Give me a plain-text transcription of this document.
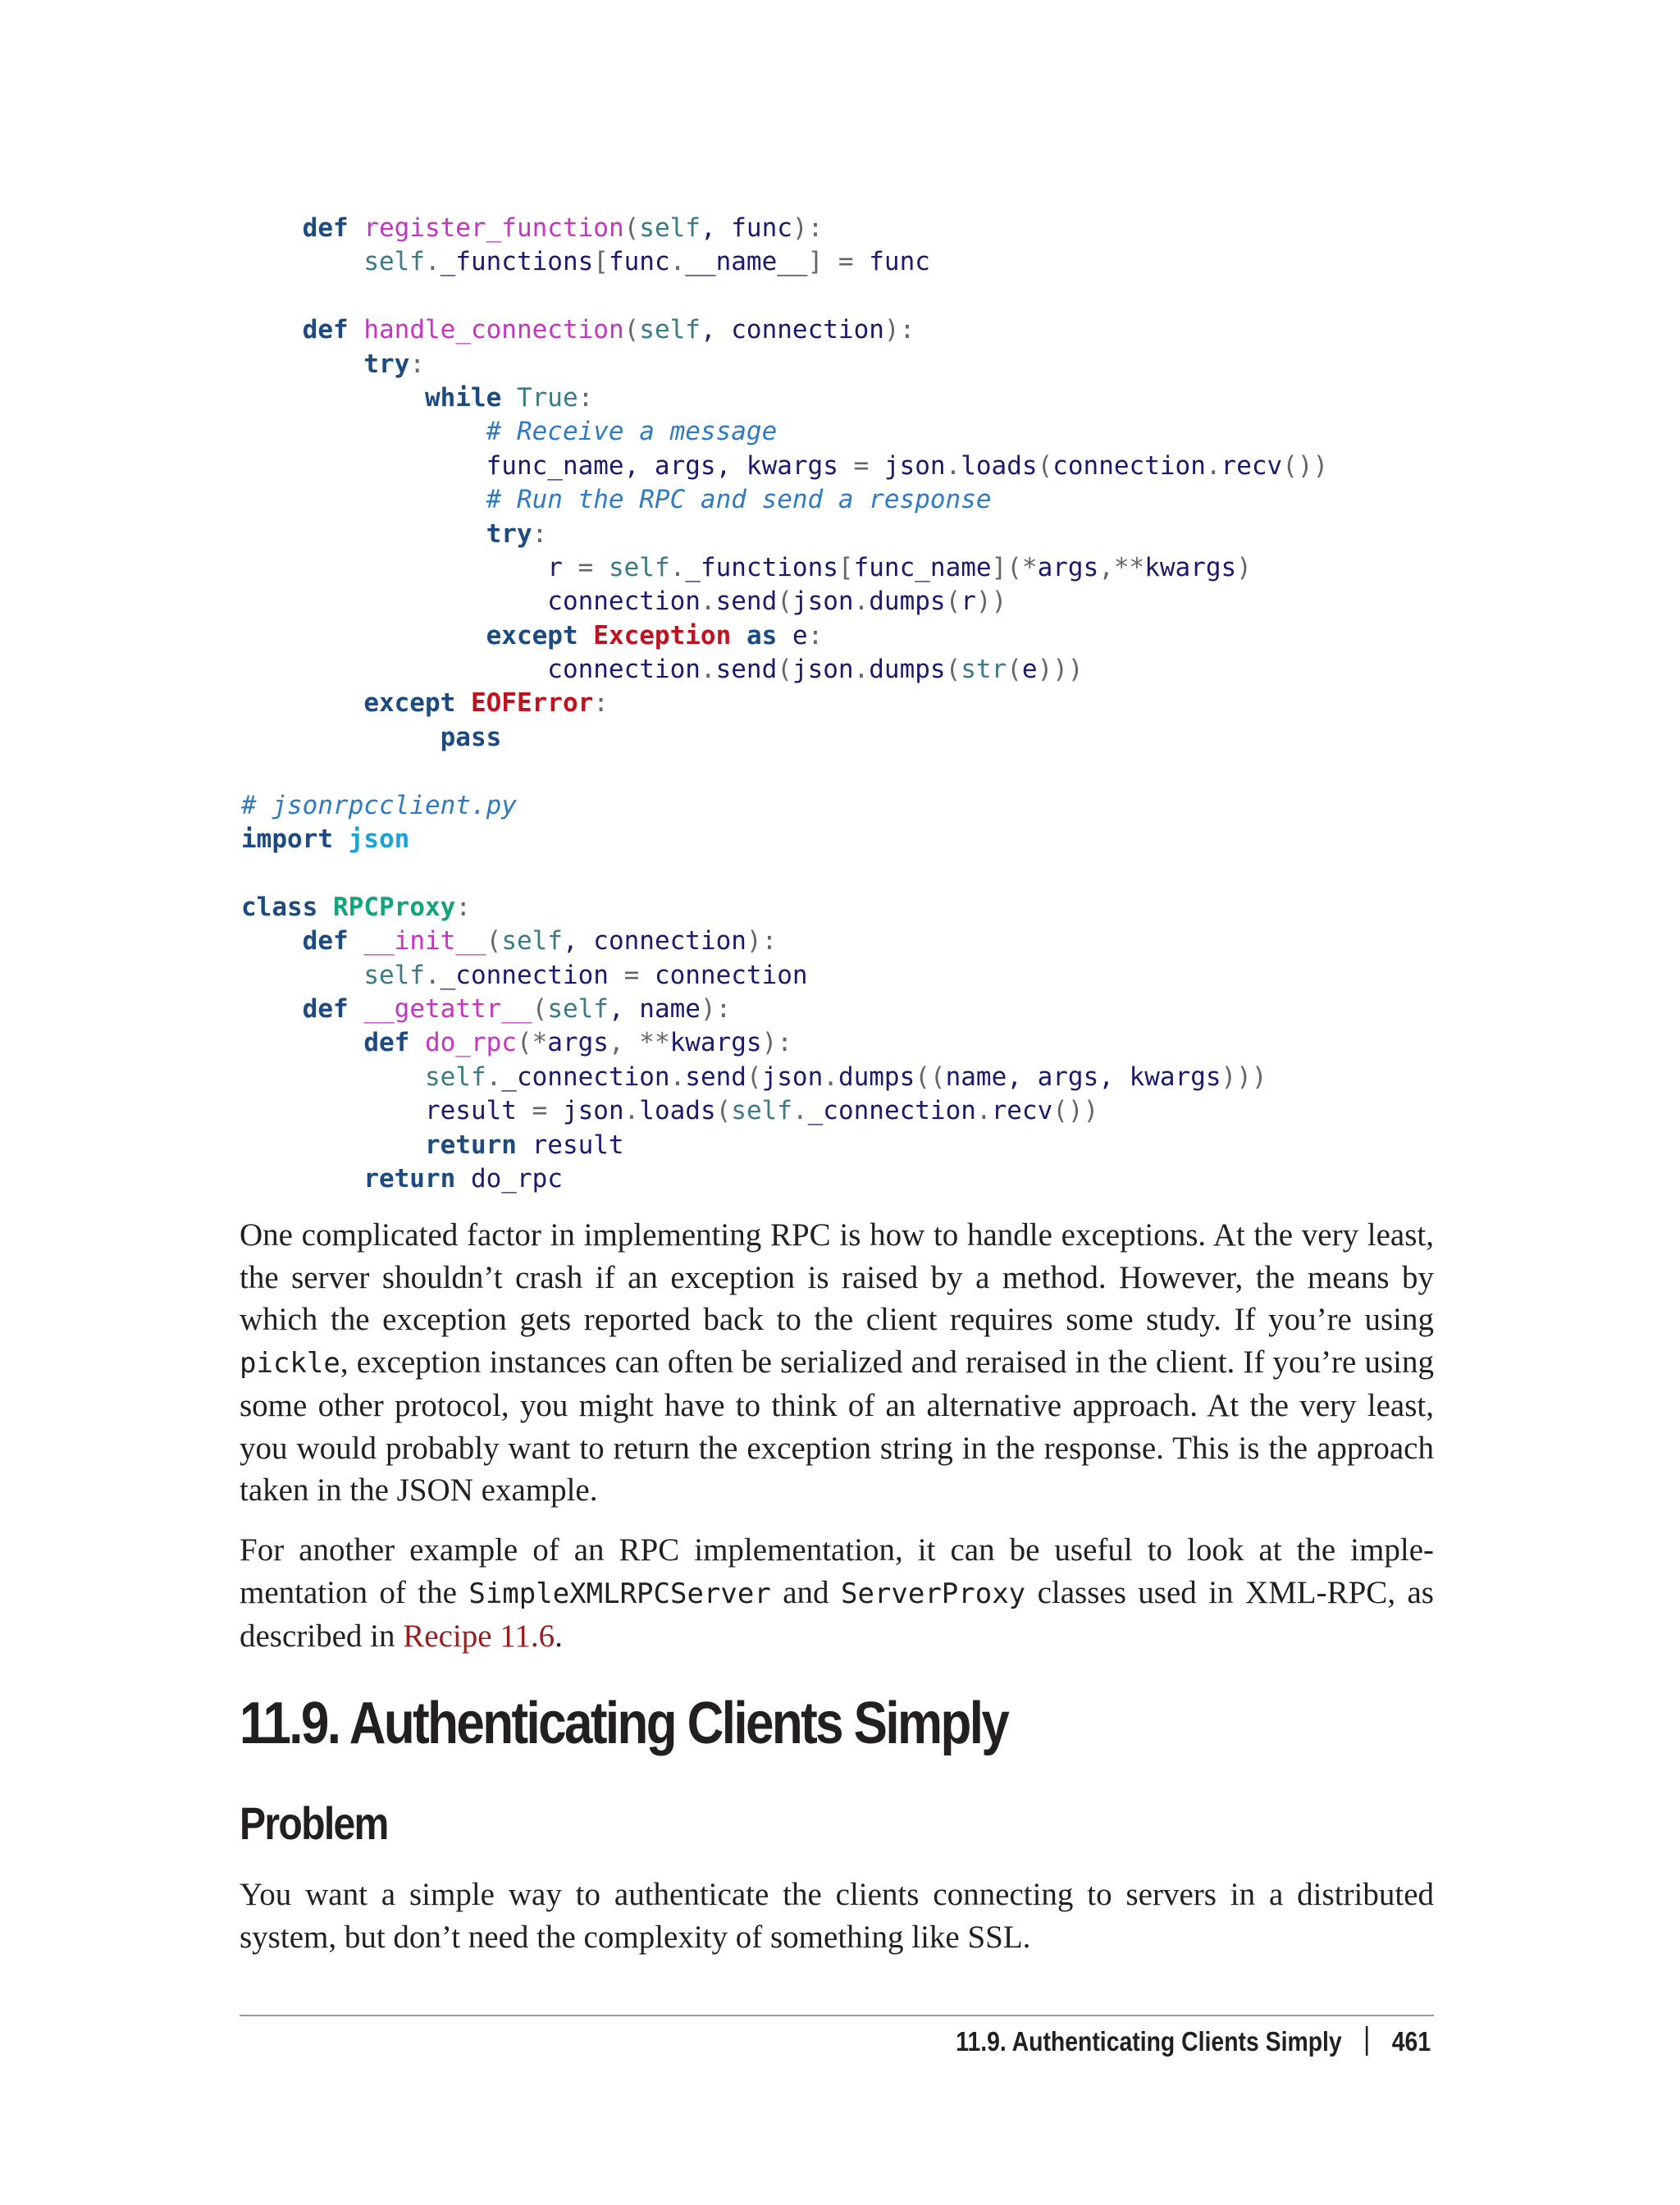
def register_function(self, func):
self._functions[func.__name__] = func
def handle_connection(self, connection):
try:
while True:
# Receive a message
func_name, args, kwargs = json.loads(connection.recv())
# Run the RPC and send a response
try:
r = self._functions[func_name](*args,**kwargs)
connection.send(json.dumps(r))
except Exception as e:
connection.send(json.dumps(str(e)))
except EOFError:
pass
# jsonrpcclient.py
import json
class RPCProxy:
def __init__(self, connection):
self._connection = connection
def __getattr__(self, name):
def do_rpc(*args, **kwargs):
self._connection.send(json.dumps((name, args, kwargs)))
result = json.loads(self._connection.recv())
return result
return do_rpc

One complicated factor in implementing RPC is how to handle exceptions. At the very least, the server shouldn’t crash if an exception is raised by a method. However, the means by which the exception gets reported back to the client requires some study. If you’re using pickle, exception instances can often be serialized and reraised in the client. If you’re using some other protocol, you might have to think of an alternative approach. At the very least, you would probably want to return the exception string in the response. This is the approach taken in the JSON example.

For another example of an RPC implementation, it can be useful to look at the implementation of the SimpleXMLRPCServer and ServerProxy classes used in XML-RPC, as described in Recipe 11.6.

11.9. Authenticating Clients Simply
Problem

You want a simple way to authenticate the clients connecting to servers in a distributed system, but don’t need the complexity of something like SSL.

11.9. Authenticating Clients Simply 461
